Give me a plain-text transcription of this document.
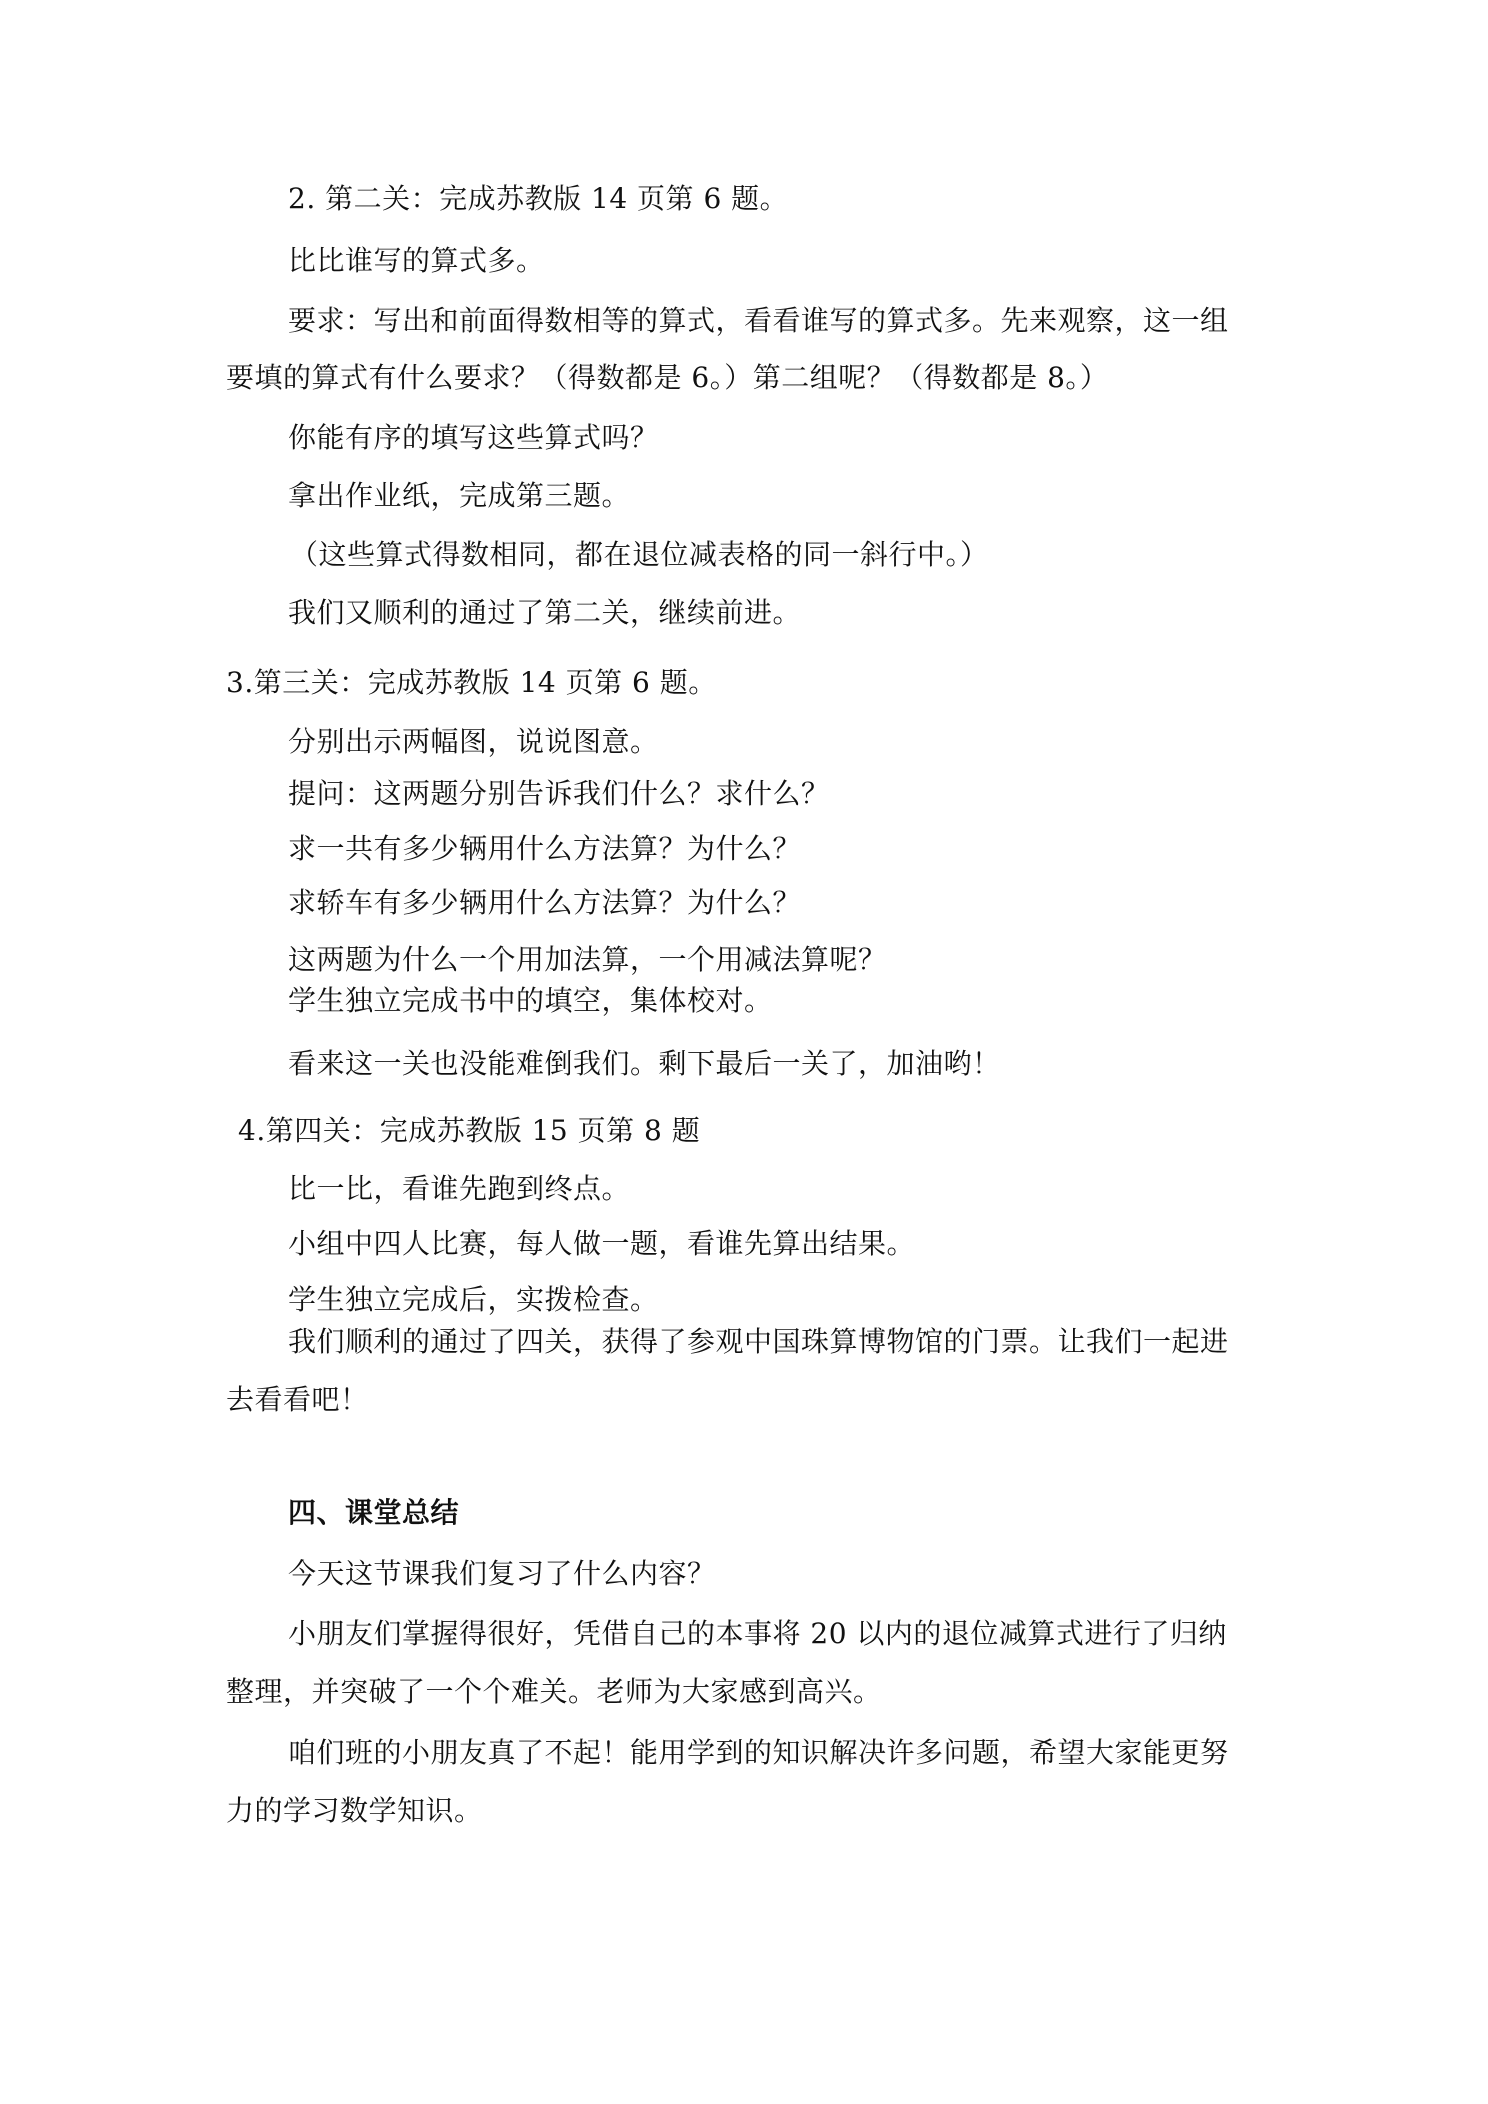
2. 第二关：完成苏教版 14 页第 6 题。
比比谁写的算式多。
要求：写出和前面得数相等的算式，看看谁写的算式多。先来观察，这一组
要填的算式有什么要求？（得数都是 6。）第二组呢？（得数都是 8。）
你能有序的填写这些算式吗？
拿出作业纸，完成第三题。
（这些算式得数相同，都在退位减表格的同一斜行中。）
我们又顺利的通过了第二关，继续前进。
3.第三关：完成苏教版 14 页第 6 题。
分别出示两幅图，说说图意。
提问：这两题分别告诉我们什么？求什么？
求一共有多少辆用什么方法算？为什么？
求轿车有多少辆用什么方法算？为什么？
这两题为什么一个用加法算，一个用减法算呢？
学生独立完成书中的填空，集体校对。
看来这一关也没能难倒我们。剩下最后一关了，加油哟！
4.第四关：完成苏教版 15 页第 8 题
比一比，看谁先跑到终点。
小组中四人比赛，每人做一题，看谁先算出结果。
学生独立完成后，实拨检查。
我们顺利的通过了四关，获得了参观中国珠算博物馆的门票。让我们一起进
去看看吧！
四、课堂总结
今天这节课我们复习了什么内容？
小朋友们掌握得很好，凭借自己的本事将 20 以内的退位减算式进行了归纳
整理，并突破了一个个难关。老师为大家感到高兴。
咱们班的小朋友真了不起！能用学到的知识解决许多问题，希望大家能更努
力的学习数学知识。
